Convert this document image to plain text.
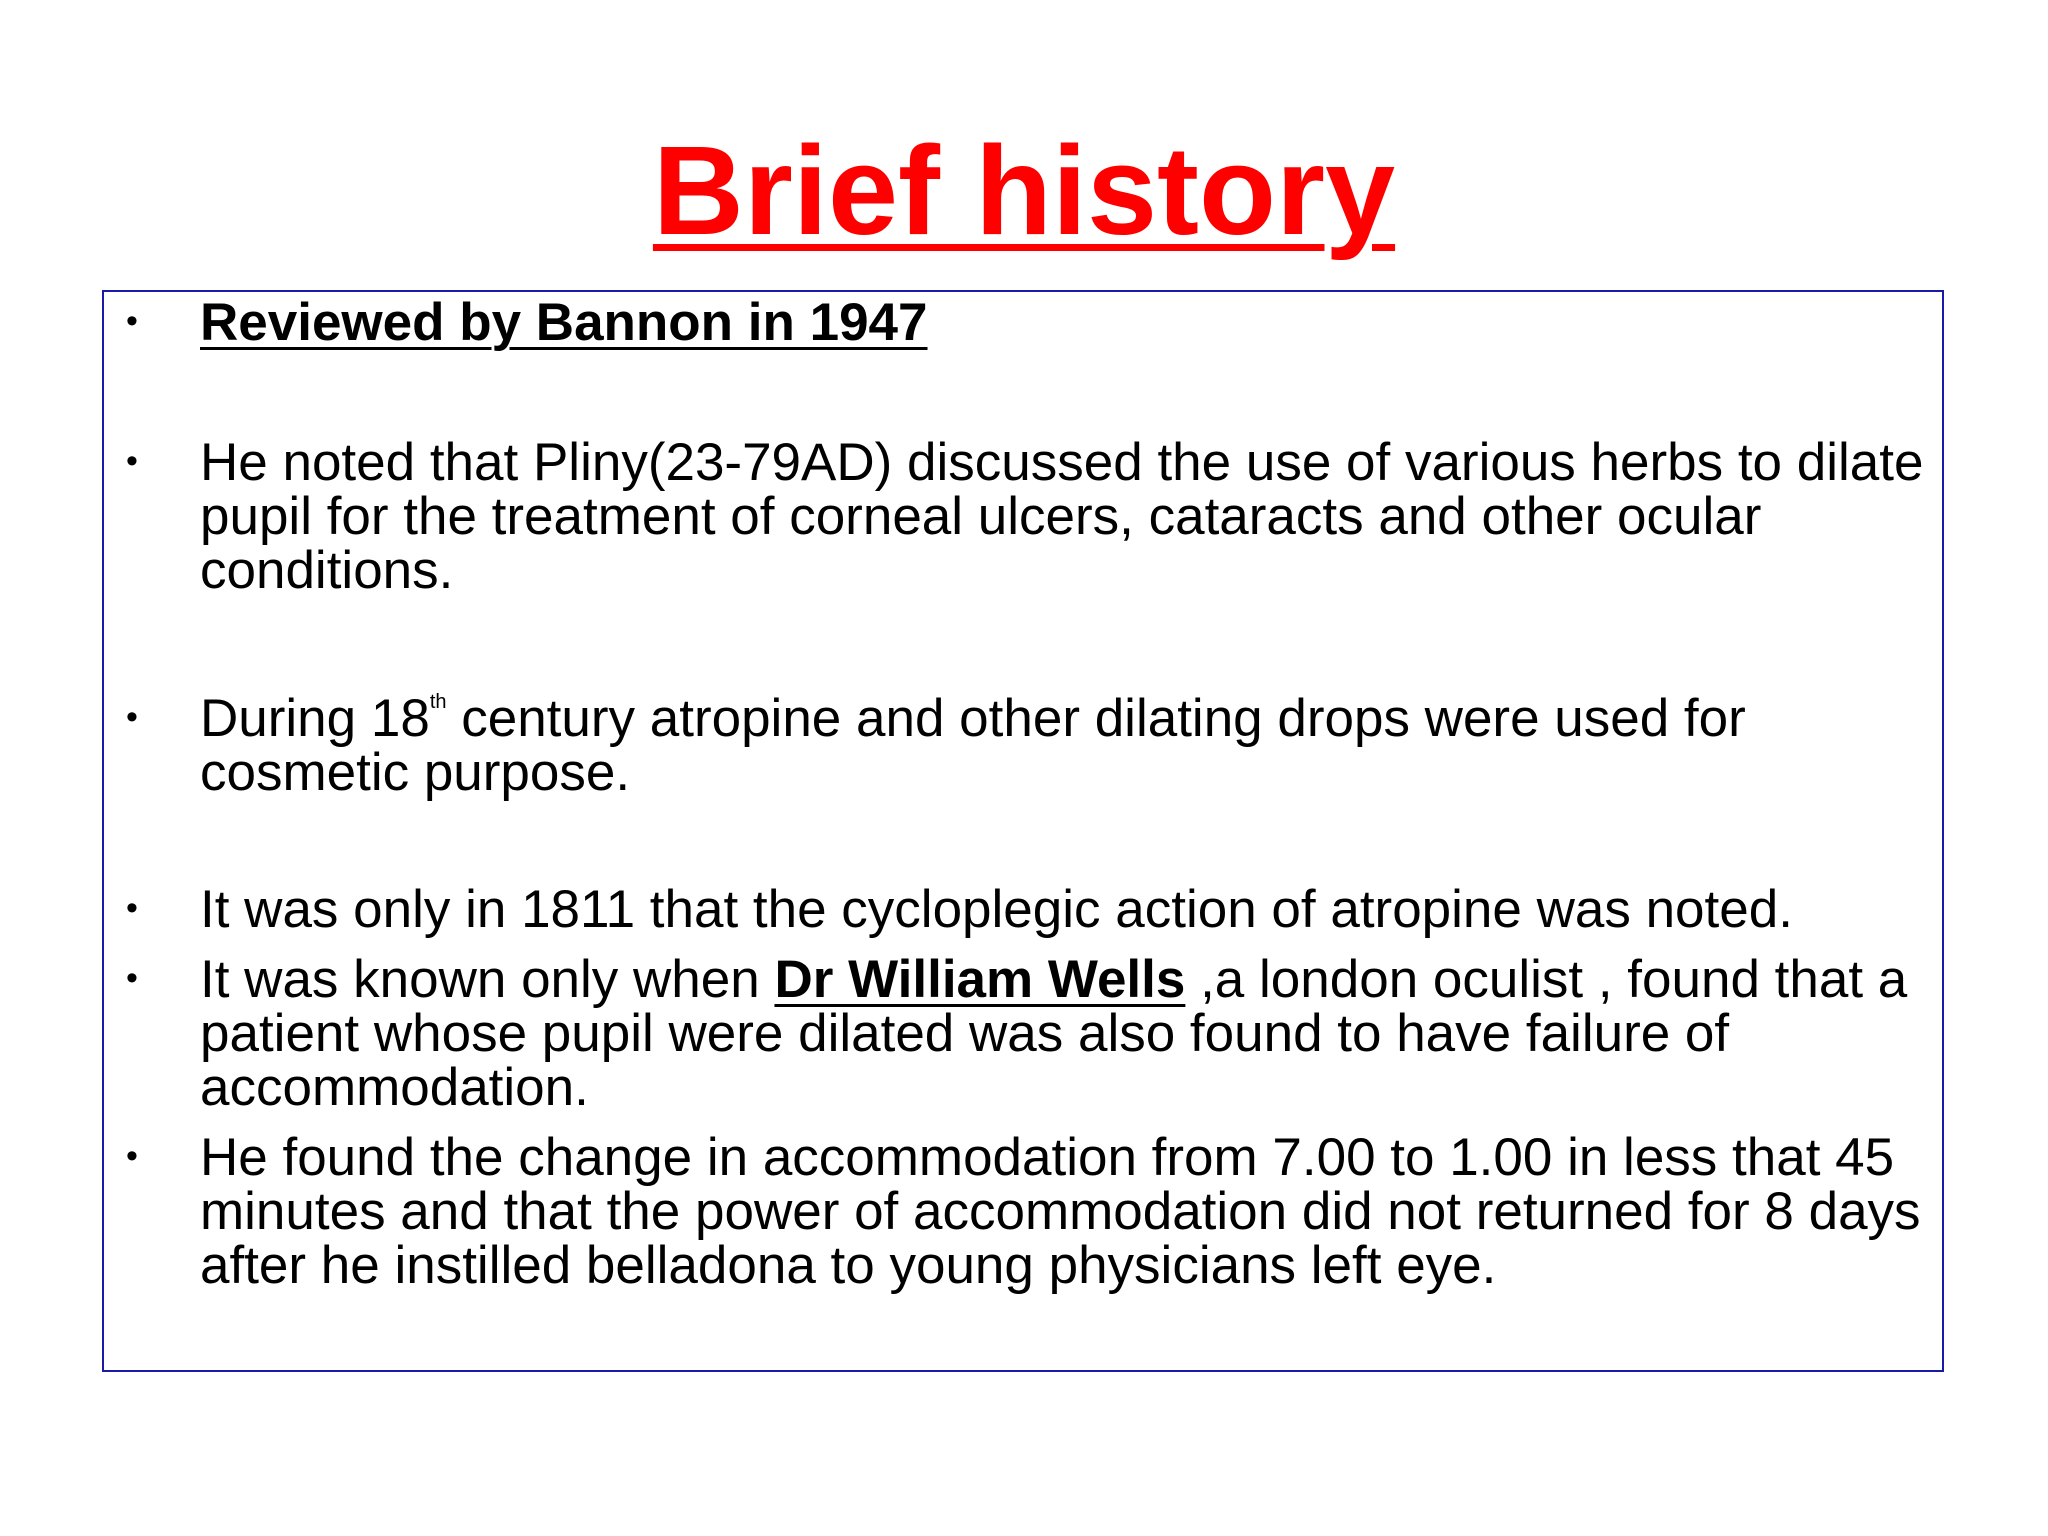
Brief history
• Reviewed by Bannon in 1947
• He noted that Pliny(23-79AD) discussed the use of various herbs to dilate pupil for the treatment of corneal ulcers, cataracts and other ocular conditions.
• During 18th century atropine and other dilating drops were used for cosmetic purpose.
• It was only in 1811 that the cycloplegic action of atropine was noted.
• It was known only when Dr William Wells ,a london oculist , found that a patient whose pupil were dilated was also found to have failure of accommodation.
• He found the change in accommodation from 7.00 to 1.00 in less that 45 minutes and that the power of accommodation did not returned for 8 days after he instilled belladona to young physicians left eye.
